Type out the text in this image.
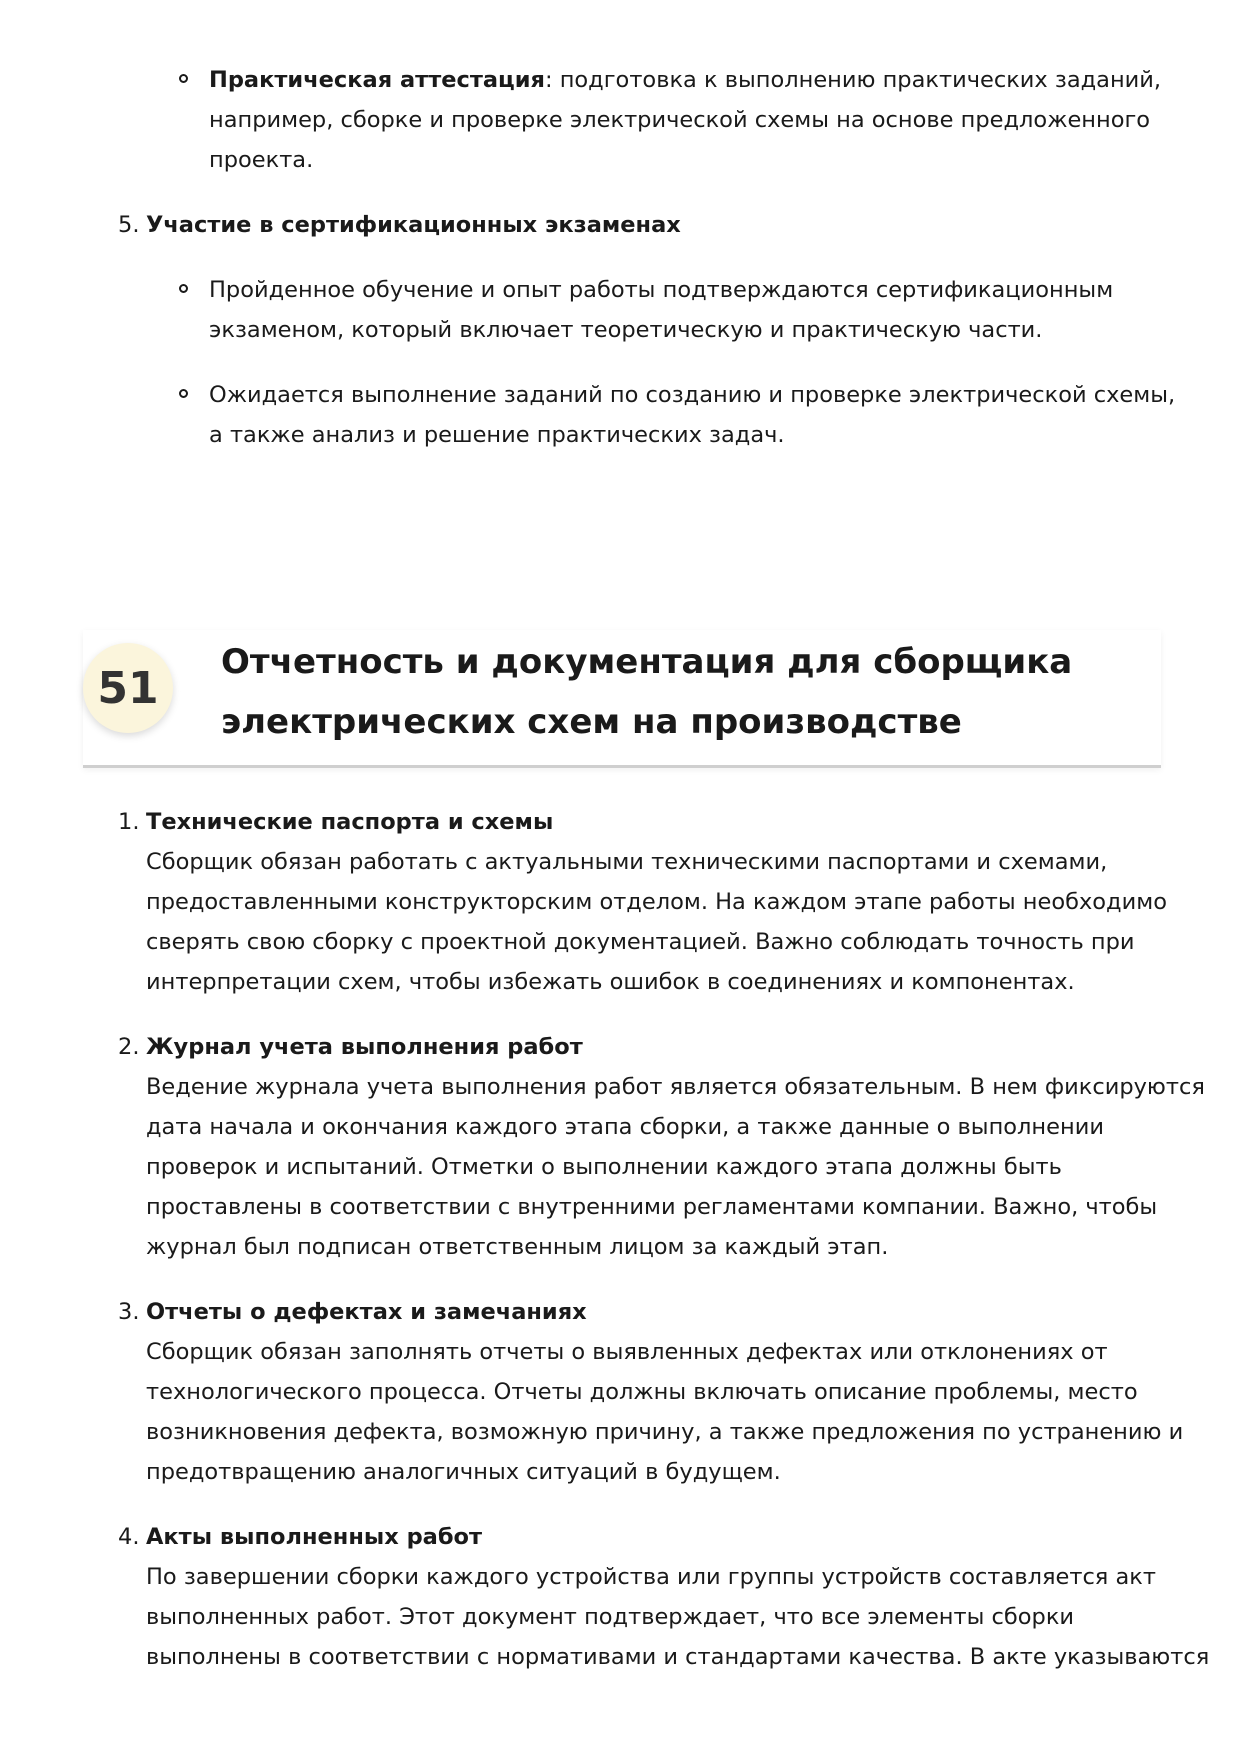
Практическая аттестация: подготовка к выполнению практических заданий,
например, сборке и проверке электрической схемы на основе предложенного
проекта.
5. Участие в сертификационных экзаменах
Пройденное обучение и опыт работы подтверждаются сертификационным
экзаменом, который включает теоретическую и практическую части.
Ожидается выполнение заданий по созданию и проверке электрической схемы,
а также анализ и решение практических задач.
51
Отчетность и документация для сборщика
электрических схем на производстве
1. Технические паспорта и схемы
Сборщик обязан работать с актуальными техническими паспортами и схемами,
предоставленными конструкторским отделом. На каждом этапе работы необходимо
сверять свою сборку с проектной документацией. Важно соблюдать точность при
интерпретации схем, чтобы избежать ошибок в соединениях и компонентах.
2. Журнал учета выполнения работ
Ведение журнала учета выполнения работ является обязательным. В нем фиксируются
дата начала и окончания каждого этапа сборки, а также данные о выполнении
проверок и испытаний. Отметки о выполнении каждого этапа должны быть
проставлены в соответствии с внутренними регламентами компании. Важно, чтобы
журнал был подписан ответственным лицом за каждый этап.
3. Отчеты о дефектах и замечаниях
Сборщик обязан заполнять отчеты о выявленных дефектах или отклонениях от
технологического процесса. Отчеты должны включать описание проблемы, место
возникновения дефекта, возможную причину, а также предложения по устранению и
предотвращению аналогичных ситуаций в будущем.
4. Акты выполненных работ
По завершении сборки каждого устройства или группы устройств составляется акт
выполненных работ. Этот документ подтверждает, что все элементы сборки
выполнены в соответствии с нормативами и стандартами качества. В акте указываются
